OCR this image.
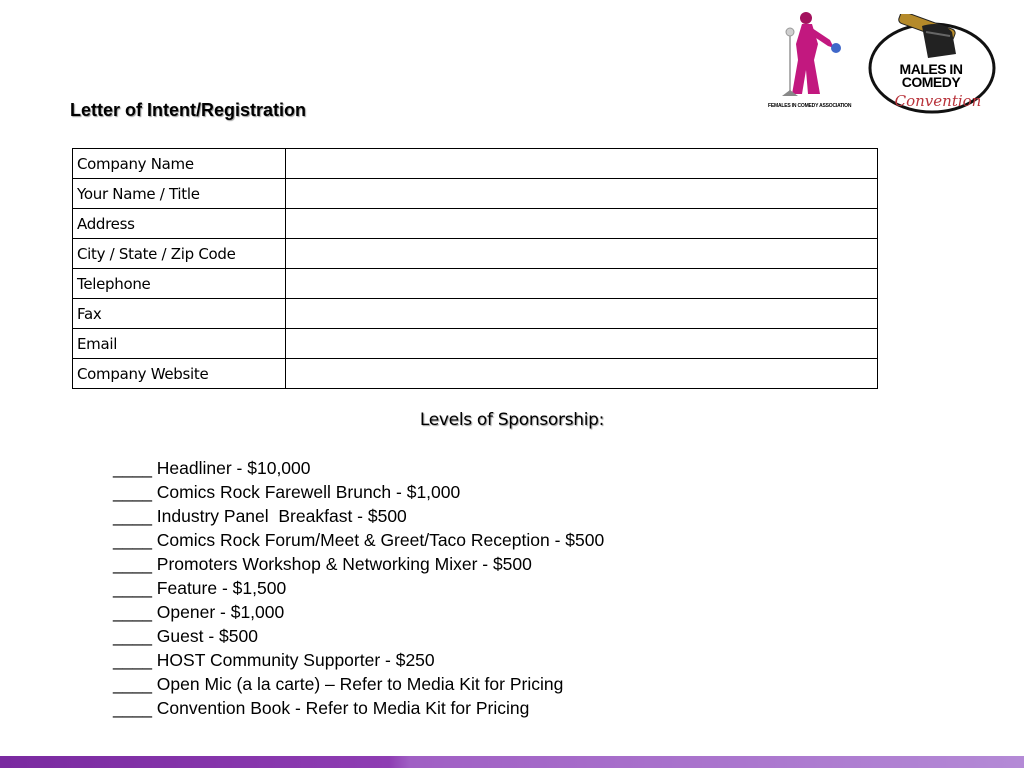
FEMALES IN COMEDY ASSOCIATION
MALES IN
COMEDY
Convention
Letter of Intent/Registration
Company Name	
Your Name / Title	
Address	
City / State / Zip Code	
Telephone	
Fax	
Email	
Company Website	
Levels of Sponsorship:
____ Headliner - $10,000
____ Comics Rock Farewell Brunch - $1,000
____ Industry Panel  Breakfast - $500
____ Comics Rock Forum/Meet & Greet/Taco Reception - $500
____ Promoters Workshop & Networking Mixer - $500
____ Feature - $1,500
____ Opener - $1,000
____ Guest - $500
____ HOST Community Supporter - $250
____ Open Mic (a la carte) – Refer to Media Kit for Pricing
____ Convention Book - Refer to Media Kit for Pricing
